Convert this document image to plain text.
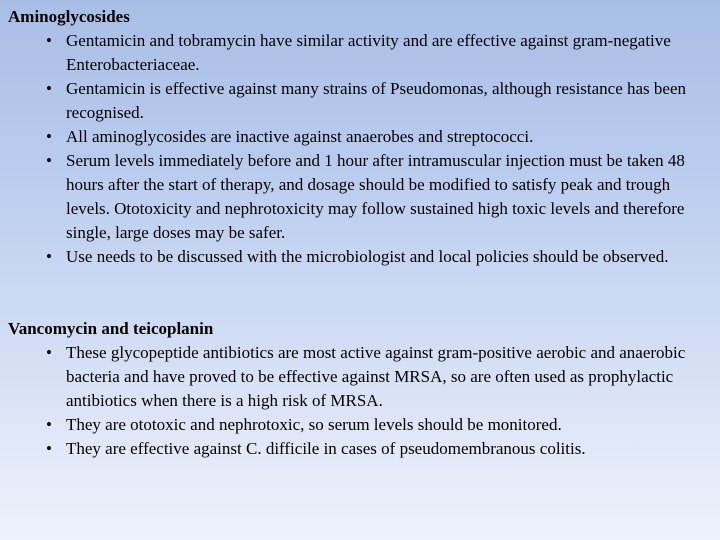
Aminoglycosides

• Gentamicin and tobramycin have similar activity and are effective against gram-negative Enterobacteriaceae.
• Gentamicin is effective against many strains of Pseudomonas, although resistance has been recognised.
• All aminoglycosides are inactive against anaerobes and streptococci.
• Serum levels immediately before and 1 hour after intramuscular injection must be taken 48 hours after the start of therapy, and dosage should be modified to satisfy peak and trough levels. Ototoxicity and nephrotoxicity may follow sustained high toxic levels and therefore single, large doses may be safer.
• Use needs to be discussed with the microbiologist and local policies should be observed.

Vancomycin and teicoplanin

• These glycopeptide antibiotics are most active against gram-positive aerobic and anaerobic bacteria and have proved to be effective against MRSA, so are often used as prophylactic antibiotics when there is a high risk of MRSA.
• They are ototoxic and nephrotoxic, so serum levels should be monitored.
• They are effective against C. difficile in cases of pseudomembranous colitis.
